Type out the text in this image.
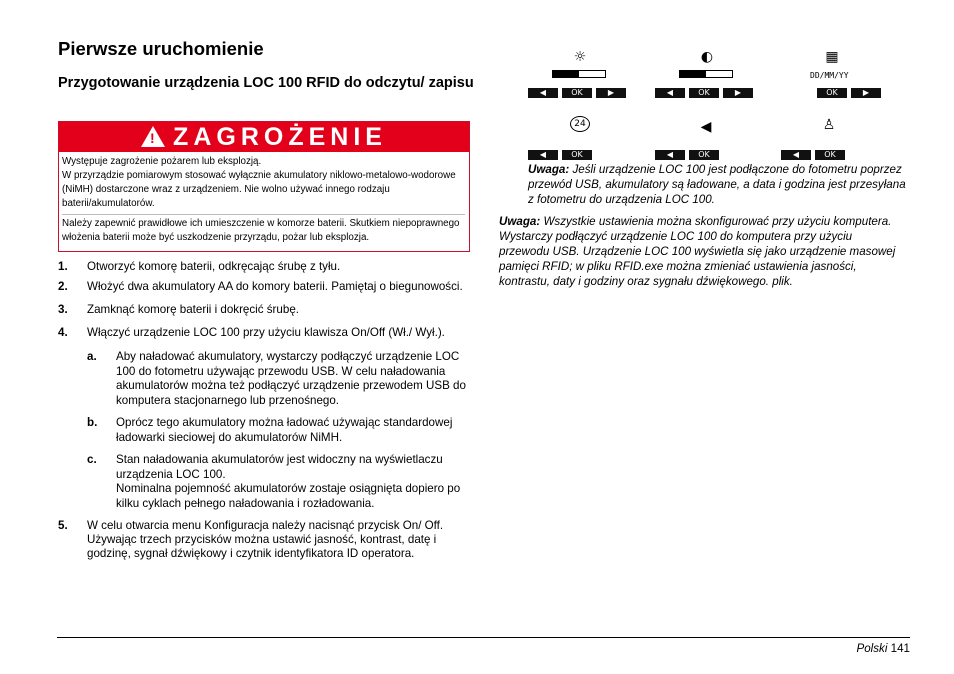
Pierwsze uruchomienie
Przygotowanie urządzenia LOC 100 RFID do odczytu/ zapisu
! ZAGROŻENIE
Występuje zagrożenie pożarem lub eksplozją.
W przyrządzie pomiarowym stosować wyłącznie akumulatory niklowo-metalowo-wodorowe (NiMH) dostarczone wraz z urządzeniem. Nie wolno używać innego rodzaju baterii/akumulatorów.
Należy zapewnić prawidłowe ich umieszczenie w komorze baterii. Skutkiem niepoprawnego włożenia baterii może być uszkodzenie przyrządu, pożar lub eksplozja.
1.	Otworzyć komorę baterii, odkręcając śrubę z tyłu.
2.	Włożyć dwa akumulatory AA do komory baterii. Pamiętaj o biegunowości.
3.	Zamknąć komorę baterii i dokręcić śrubę.
4.	Włączyć urządzenie LOC 100 przy użyciu klawisza On/Off (Wł./ Wył.).
a.	Aby naładować akumulatory, wystarczy podłączyć urządzenie LOC 100 do fotometru używając przewodu USB. W celu naładowania akumulatorów można też podłączyć urządzenie przewodem USB do komputera stacjonarnego lub przenośnego.
b.	Oprócz tego akumulatory można ładować używając standardowej ładowarki sieciowej do akumulatorów NiMH.
c.	Stan naładowania akumulatorów jest widoczny na wyświetlaczu urządzenia LOC 100.
Nominalna pojemność akumulatorów zostaje osiągnięta dopiero po kilku cyklach pełnego naładowania i rozładowania.
5.	W celu otwarcia menu Konfiguracja należy nacisnąć przycisk On/ Off. Używając trzech przycisków można ustawić jasność, kontrast, datę i godzinę, sygnał dźwiękowy i czytnik identyfikatora ID operatora.
☼
◀	OK	▶
◐
◀	OK	▶
▦
DD/MM/YY
OK	▶
24
◀	OK
◀
◀	OK
♙
◀	OK
Uwaga: Jeśli urządzenie LOC 100 jest podłączone do fotometru poprzez przewód USB, akumulatory są ładowane, a data i godzina jest przesyłana z fotometru do urządzenia LOC 100.
Uwaga: Wszystkie ustawienia można skonfigurować przy użyciu komputera. Wystarczy podłączyć urządzenie LOC 100 do komputera przy użyciu przewodu USB. Urządzenie LOC 100 wyświetla się jako urządzenie masowej pamięci RFID; w pliku RFID.exe można zmieniać ustawienia jasności, kontrastu, daty i godziny oraz sygnału dźwiękowego. plik.
Polski 141
